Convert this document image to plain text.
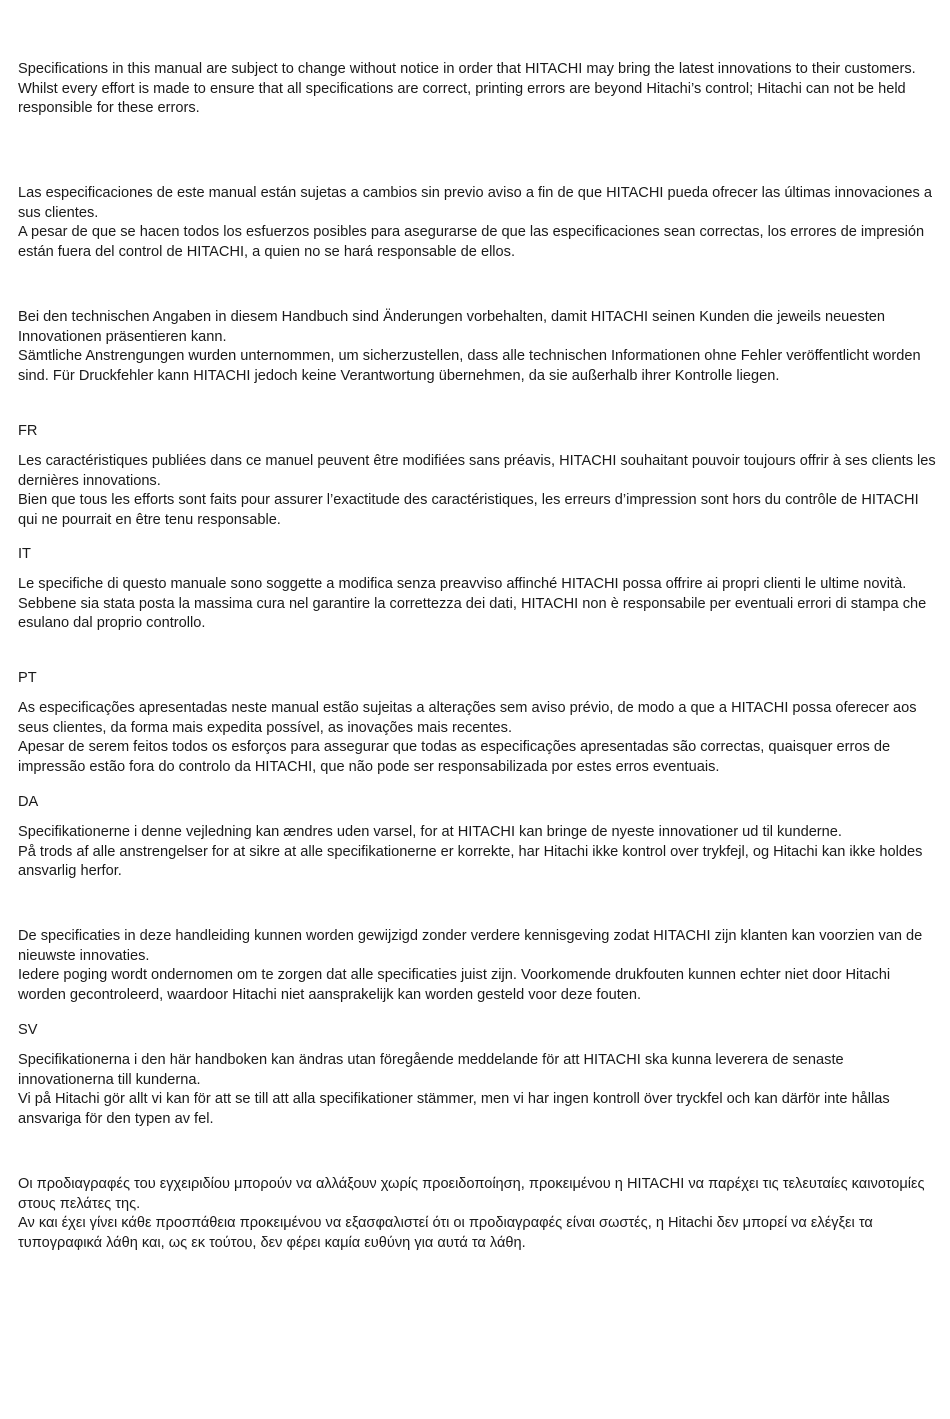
Specifications in this manual are subject to change without notice in order that HITACHI may bring the latest innovations to their customers.

Whilst every effort is made to ensure that all specifications are correct, printing errors are beyond Hitachi’s control; Hitachi can not be held responsible for these errors.

Las especificaciones de este manual están sujetas a cambios sin previo aviso a fin de que HITACHI pueda ofrecer las últimas innovaciones a sus clientes.

A pesar de que se hacen todos los esfuerzos posibles para asegurarse de que las especificaciones sean correctas, los errores de impresión están fuera del control de HITACHI, a quien no se hará responsable de ellos.

Bei den technischen Angaben in diesem Handbuch sind Änderungen vorbehalten, damit HITACHI seinen Kunden die jeweils neuesten Innovationen präsentieren kann.

Sämtliche Anstrengungen wurden unternommen, um sicherzustellen, dass alle technischen Informationen ohne Fehler veröffentlicht worden sind. Für Druckfehler kann HITACHI jedoch keine Verantwortung übernehmen, da sie außerhalb ihrer Kontrolle liegen.

FR

Les caractéristiques publiées dans ce manuel peuvent être modifiées sans préavis, HITACHI souhaitant pouvoir toujours offrir à ses clients les dernières innovations.

Bien que tous les efforts sont faits pour assurer l’exactitude des caractéristiques, les erreurs d’impression sont hors du contrôle de HITACHI qui ne pourrait en être tenu responsable.

IT

Le specifiche di questo manuale sono soggette a modifica senza preavviso affinché HITACHI possa offrire ai propri clienti le ultime novità.

Sebbene sia stata posta la massima cura nel garantire la correttezza dei dati, HITACHI non è responsabile per eventuali errori di stampa che esulano dal proprio controllo.

PT

As especificações apresentadas neste manual estão sujeitas a alterações sem aviso prévio, de modo a que a HITACHI possa oferecer aos seus clientes, da forma mais expedita possível, as inovações mais recentes.

Apesar de serem feitos todos os esforços para assegurar que todas as especificações apresentadas são correctas, quaisquer erros de impressão estão fora do controlo da HITACHI, que não pode ser responsabilizada por estes erros eventuais.

DA

Specifikationerne i denne vejledning kan ændres uden varsel, for at HITACHI kan bringe de nyeste innovationer ud til kunderne.

På trods af alle anstrengelser for at sikre at alle specifikationerne er korrekte, har Hitachi ikke kontrol over trykfejl, og Hitachi kan ikke holdes ansvarlig herfor.

De specificaties in deze handleiding kunnen worden gewijzigd zonder verdere kennisgeving zodat HITACHI zijn klanten kan voorzien van de nieuwste innovaties.

Iedere poging wordt ondernomen om te zorgen dat alle specificaties juist zijn. Voorkomende drukfouten kunnen echter niet door Hitachi worden gecontroleerd, waardoor Hitachi niet aansprakelijk kan worden gesteld voor deze fouten.

SV

Specifikationerna i den här handboken kan ändras utan föregående meddelande för att HITACHI ska kunna leverera de senaste innovationerna till kunderna.

Vi på Hitachi gör allt vi kan för att se till att alla specifikationer stämmer, men vi har ingen kontroll över tryckfel och kan därför inte hållas ansvariga för den typen av fel.

Οι προδιαγραφές του εγχειριδίου μπορούν να αλλάξουν χωρίς προειδοποίηση, προκειμένου η HITACHI να παρέχει τις τελευταίες καινοτομίες στους πελάτες της.

Αν και έχει γίνει κάθε προσπάθεια προκειμένου να εξασφαλιστεί ότι οι προδιαγραφές είναι σωστές, η Hitachi δεν μπορεί να ελέγξει τα τυπογραφικά λάθη και, ως εκ τούτου, δεν φέρει καμία ευθύνη για αυτά τα λάθη.
